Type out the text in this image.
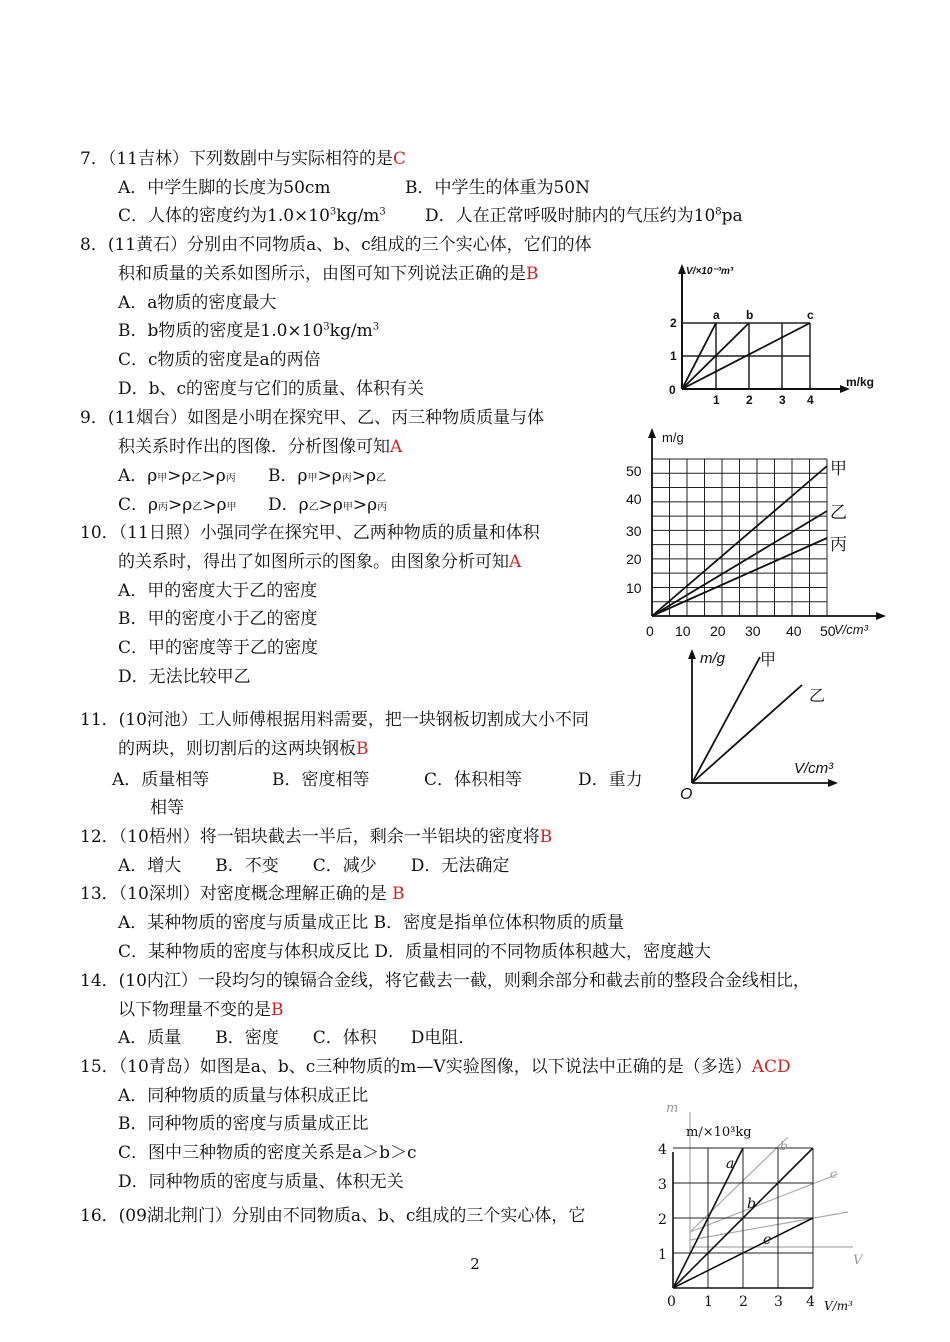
7．（11吉林）下列数剧中与实际相符的是C
A．中学生脚的长度为50cm	B．中学生的体重为50N
C．人体的密度约为$1.0\times 10^3kg/m^3$ D．人在正常呼吸时肺内的气压约为$10^8pa$
8．(11黄石）分别由不同物质a、b、c组成的三个实心体，它们的体
积和质量的关系如图所示，由图可知下列说法正确的是B
A．a物质的密度最大
B．b物质的密度是$1.0\times 10^3kg/m^3$
C．c物质的密度是a的两倍
D．b、c的密度与它们的质量、体积有关
9．(11烟台）如图是小明在探究甲、乙、丙三种物质质量与体
积关系时作出的图像．分析图像可知A
A．ρ甲>ρ乙>ρ丙 B．ρ甲>ρ丙>ρ乙
C．ρ丙>ρ乙>ρ甲 D．ρ乙>ρ甲>ρ丙
10．（11日照）小强同学在探究甲、乙两种物质的质量和体积
的关系时，得出了如图所示的图象。由图象分析可知A
A．甲的密度大于乙的密度
B．甲的密度小于乙的密度
C．甲的密度等于乙的密度
D．无法比较甲乙
11．(10河池）工人师傅根据用料需要，把一块钢板切割成大小不同
的两块，则切割后的这两块钢板B
A．质量相等	B．密度相等	C．体积相等	D．重力
相等
12．（10梧州）将一铝块截去一半后，剩余一半铝块的密度将B
A．增大　　B．不变　　C．减少　　D．无法确定
13．（10深圳）对密度概念理解正确的是 B
A．某种物质的密度与质量成正比 B．密度是指单位体积物质的质量
C．某种物质的密度与体积成反比 D．质量相同的不同物质体积越大，密度越大
14．(10内江）一段均匀的镍镉合金线，将它截去一截，则剩余部分和截去前的整段合金线相比，
以下物理量不变的是B
A．质量　　B．密度　　C．体积　　D电阻．
15．（10青岛）如图是a、b、c三种物质的m—V实验图像，以下说法中正确的是（多选）ACD
A．同种物质的质量与体积成正比
B．同种物质的密度与质量成正比
C．图中三种物质的密度关系是a＞b＞c
D．同种物质的密度与质量、体积无关
16．(09湖北荆门）分别由不同物质a、b、c组成的三个实心体，它
2
V/×10⁻³m³
m/kg
0
1 2 3 4
1
2
a b	c
m/g
V/cm³
0 10 20 30 40 50
10
20
30
40
50	甲
乙
丙
m/g 甲
乙
V/cm³
O
m
V
b
c
m/×10³kg
a
b
c
0 1 2 3 4 V/m³
1
2
3
4
